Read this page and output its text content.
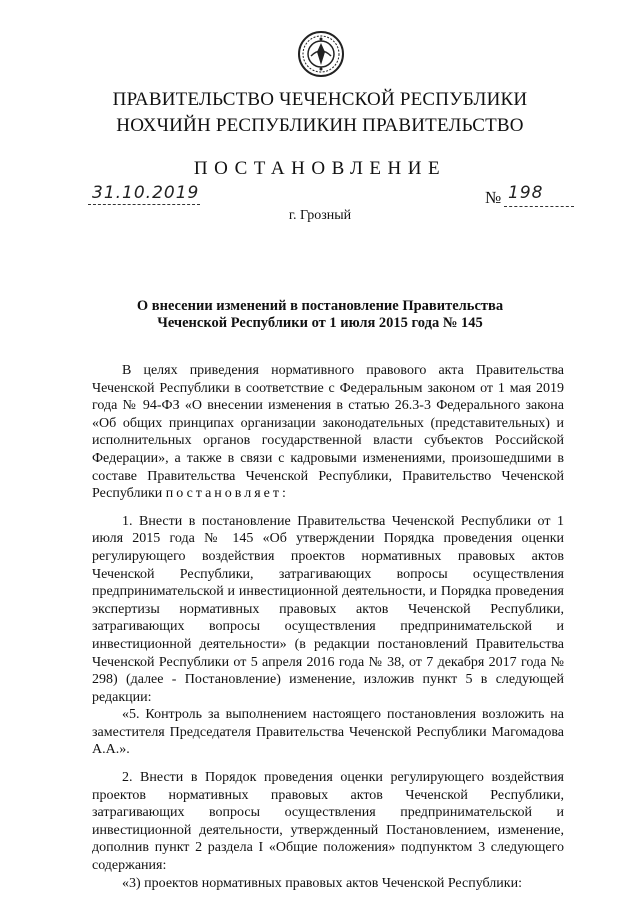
ПРАВИТЕЛЬСТВО ЧЕЧЕНСКОЙ РЕСПУБЛИКИ
НОХЧИЙН РЕСПУБЛИКИН ПРАВИТЕЛЬСТВО
ПОСТАНОВЛЕНИЕ
31.10.2019	№ 198
г. Грозный
О внесении изменений в постановление Правительства
Чеченской Республики от 1 июля 2015 года № 145

В целях приведения нормативного правового акта Правительства Чеченской Республики в соответствие с Федеральным законом от 1 мая 2019 года № 94-ФЗ «О внесении изменения в статью 26.3-3 Федерального закона «Об общих принципах организации законодательных (представительных) и исполнительных органов государственной власти субъектов Российской Федерации», а также в связи с кадровыми изменениями, произошедшими в составе Правительства Чеченской Республики, Правительство Чеченской Республики постановляет:

1. Внести в постановление Правительства Чеченской Республики от 1 июля 2015 года № 145 «Об утверждении Порядка проведения оценки регулирующего воздействия проектов нормативных правовых актов Чеченской Республики, затрагивающих вопросы осуществления предпринимательской и инвестиционной деятельности, и Порядка проведения экспертизы нормативных правовых актов Чеченской Республики, затрагивающих вопросы осуществления предпринимательской и инвестиционной деятельности» (в редакции постановлений Правительства Чеченской Республики от 5 апреля 2016 года № 38, от 7 декабря 2017 года № 298) (далее - Постановление) изменение, изложив пункт 5 в следующей редакции:

«5. Контроль за выполнением настоящего постановления возложить на заместителя Председателя Правительства Чеченской Республики Магомадова А.А.».

2. Внести в Порядок проведения оценки регулирующего воздействия проектов нормативных правовых актов Чеченской Республики, затрагивающих вопросы осуществления предпринимательской и инвестиционной деятельности, утвержденный Постановлением, изменение, дополнив пункт 2 раздела I «Общие положения» подпунктом 3 следующего содержания:

«3) проектов нормативных правовых актов Чеченской Республики:
